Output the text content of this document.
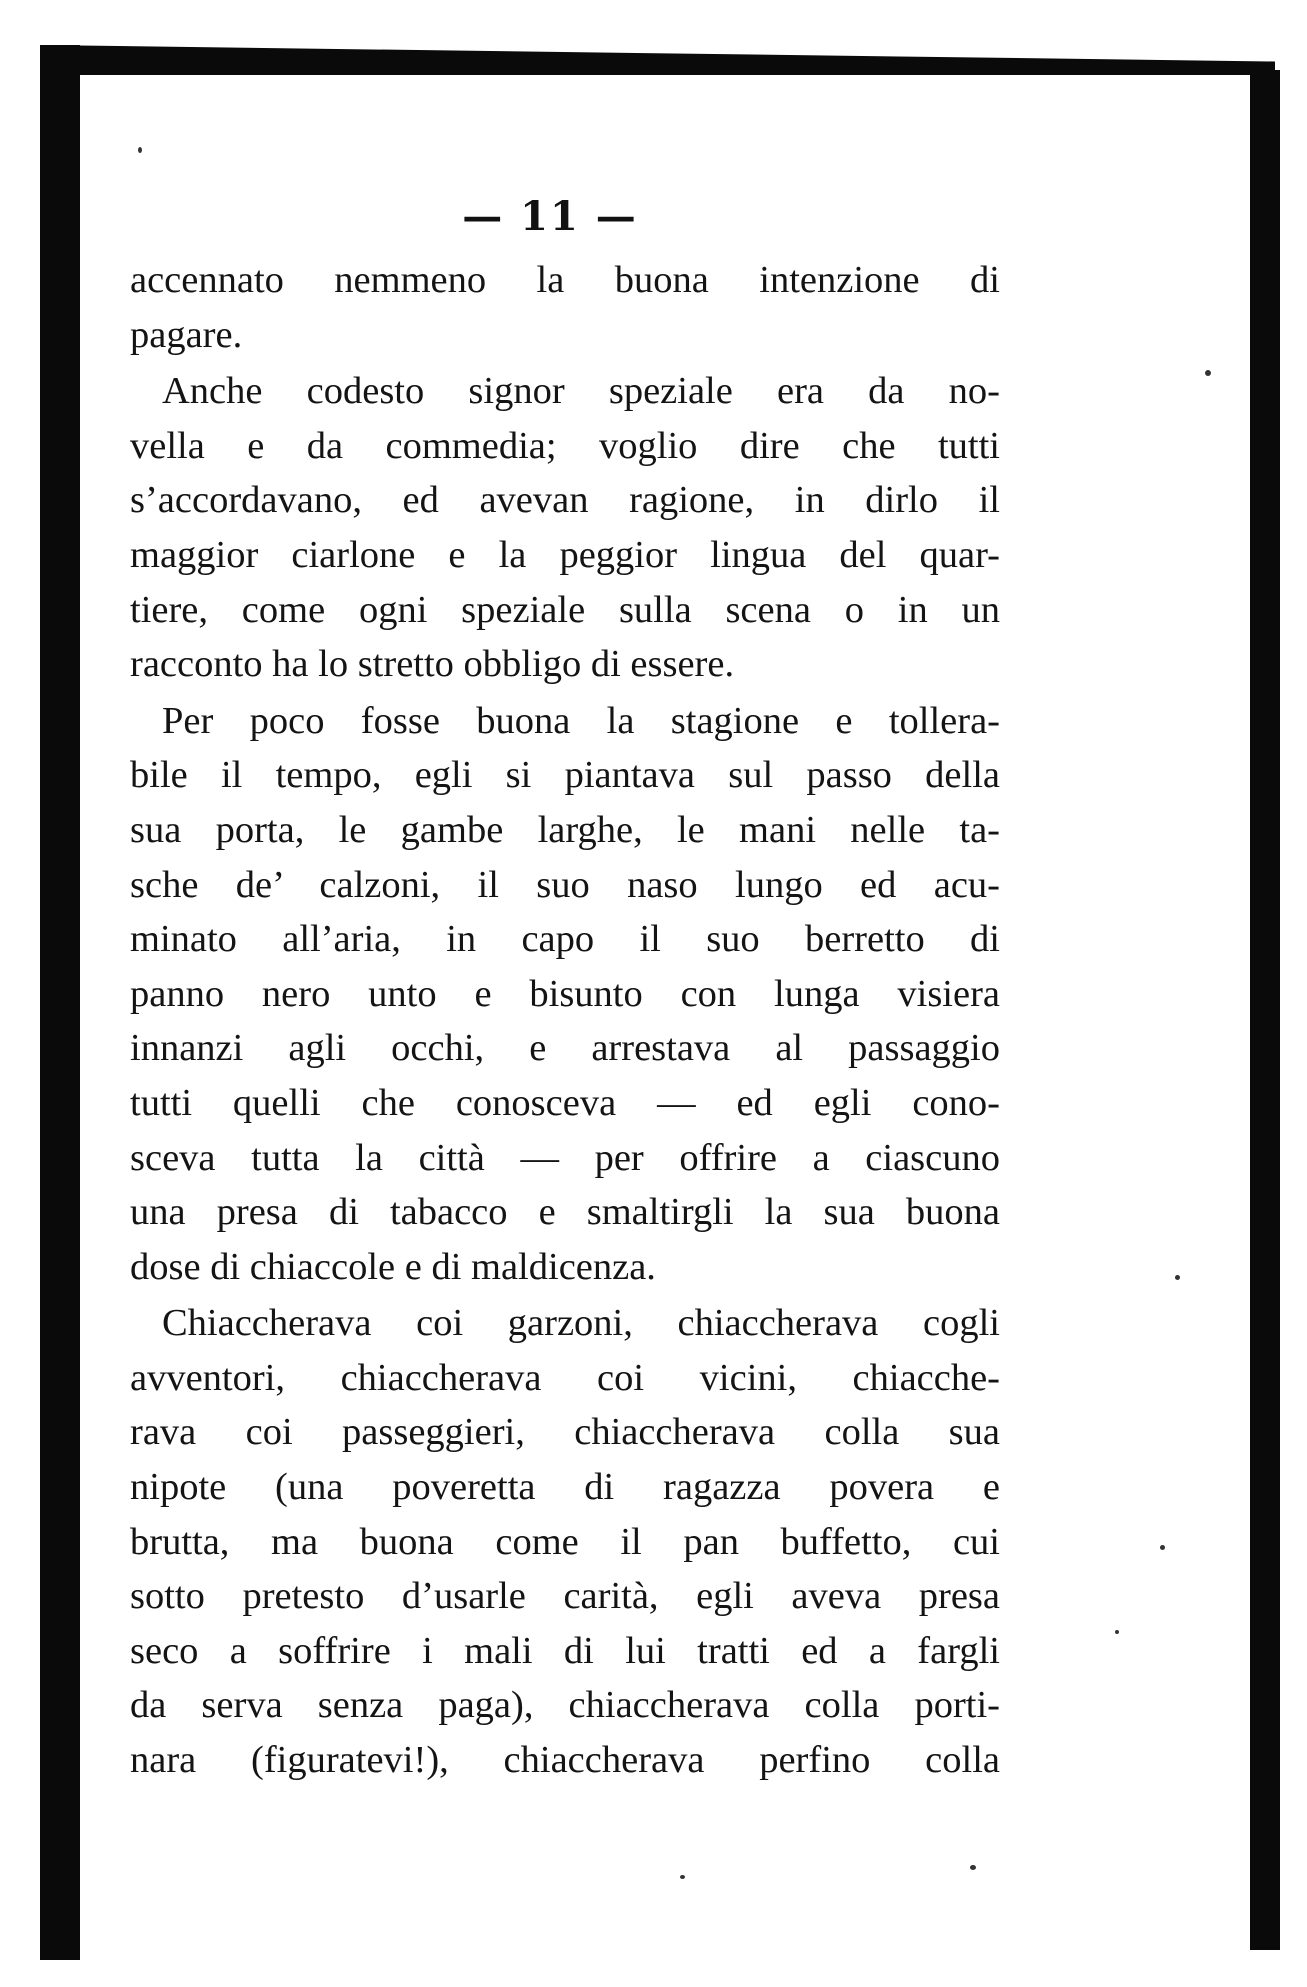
— 11 —
accennato nemmeno la buona intenzione di
pagare.
Anche codesto signor speziale era da no-
vella e da commedia; voglio dire che tutti
s’accordavano, ed avevan ragione, in dirlo il
maggior ciarlone e la peggior lingua del quar-
tiere, come ogni speziale sulla scena o in un
racconto ha lo stretto obbligo di essere.
Per poco fosse buona la stagione e tollera-
bile il tempo, egli si piantava sul passo della
sua porta, le gambe larghe, le mani nelle ta-
sche de’ calzoni, il suo naso lungo ed acu-
minato all’aria, in capo il suo berretto di
panno nero unto e bisunto con lunga visiera
innanzi agli occhi, e arrestava al passaggio
tutti quelli che conosceva — ed egli cono-
sceva tutta la città — per offrire a ciascuno
una presa di tabacco e smaltirgli la sua buona
dose di chiaccole e di maldicenza.
Chiaccherava coi garzoni, chiaccherava cogli
avventori, chiaccherava coi vicini, chiacche-
rava coi passeggieri, chiaccherava colla sua
nipote (una poveretta di ragazza povera e
brutta, ma buona come il pan buffetto, cui
sotto pretesto d’usarle carità, egli aveva presa
seco a soffrire i mali di lui tratti ed a fargli
da serva senza paga), chiaccherava colla porti-
nara (figuratevi!), chiaccherava perfino colla
